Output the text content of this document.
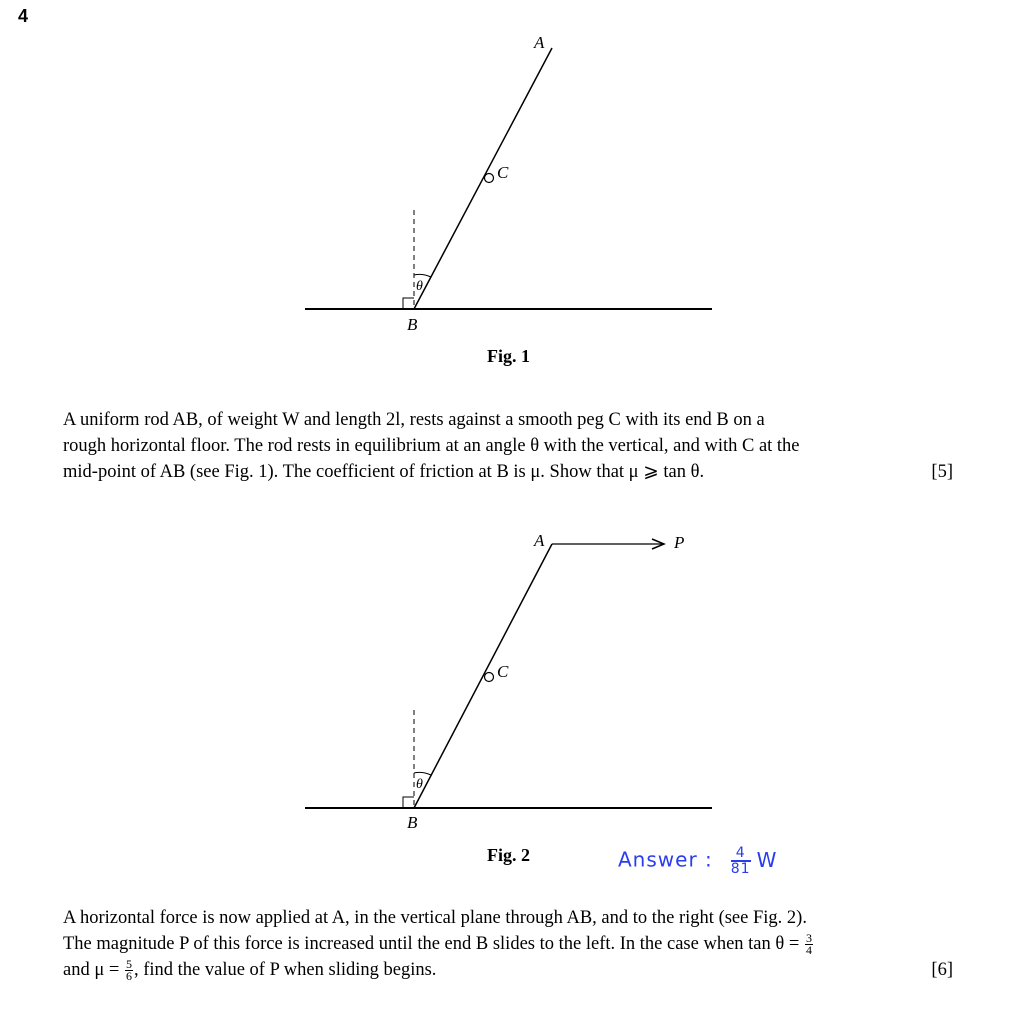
4
A
C
θ
B
Fig. 1
A uniform rod AB, of weight W and length 2l, rests against a smooth peg C with its end B on a
rough horizontal floor. The rod rests in equilibrium at an angle θ with the vertical, and with C at the
mid-point of AB (see Fig. 1). The coefficient of friction at B is μ. Show that μ ⩾ tan θ.	[5]
A	P
C
θ
B
Fig. 2	Answer : $\frac{4}{81}$ W
A horizontal force is now applied at A, in the vertical plane through AB, and to the right (see Fig. 2).
The magnitude P of this force is increased until the end B slides to the left. In the case when $\tan \theta = \frac{3}{4}$
and $\mu = \frac{5}{6}$ , find the value of P when sliding begins.	[6]
